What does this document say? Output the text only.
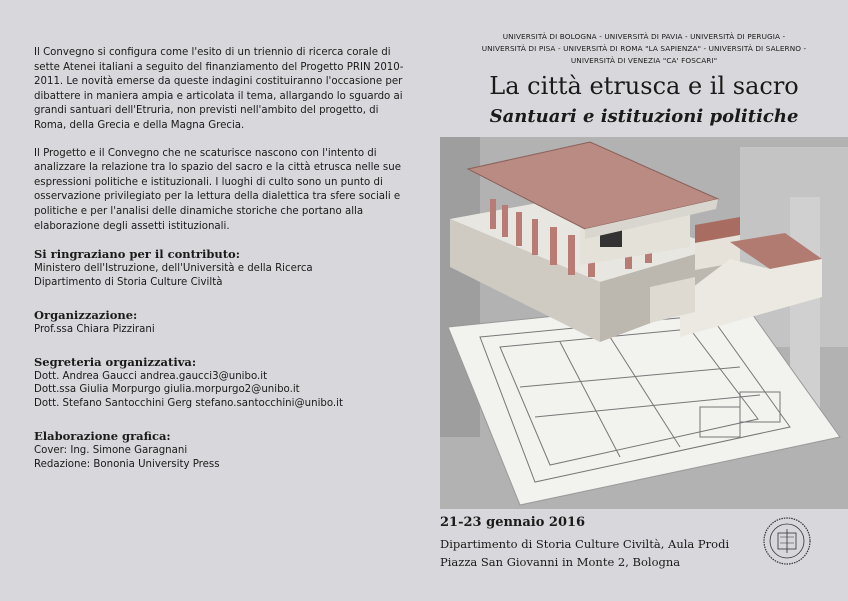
Il Convegno si configura come l'esito di un triennio di ricerca corale di sette Atenei italiani a seguito del finanziamento del Progetto PRIN 2010-2011. Le novità emerse da queste indagini costituiranno l'occasione per dibattere in maniera ampia e articolata il tema, allargando lo sguardo ai grandi santuari dell'Etruria, non previsti nell'ambito del progetto, di Roma, della Grecia e della Magna Grecia.

Il Progetto e il Convegno che ne scaturisce nascono con l'intento di analizzare la relazione tra lo spazio del sacro e la città etrusca nelle sue espressioni politiche e istituzionali. I luoghi di culto sono un punto di osservazione privilegiato per la lettura della dialettica tra sfere sociali e politiche e per l'analisi delle dinamiche storiche che portano alla elaborazione degli assetti istituzionali.

Si ringraziano per il contributo:
Ministero dell'Istruzione, dell'Università e della Ricerca
Dipartimento di Storia Culture Civiltà
Organizzazione:
Prof.ssa Chiara Pizzirani
Segreteria organizzativa:
Dott. Andrea Gaucci andrea.gaucci3@unibo.it
Dott.ssa Giulia Morpurgo giulia.morpurgo2@unibo.it
Dott. Stefano Santocchini Gerg stefano.santocchini@unibo.it
Elaborazione grafica:
Cover: Ing. Simone Garagnani
Redazione: Bononia University Press
UNIVERSITÀ DI BOLOGNA - UNIVERSITÀ DI PAVIA - UNIVERSITÀ DI PERUGIA -
UNIVERSITÀ DI PISA - UNIVERSITÀ DI ROMA "LA SAPIENZA" - UNIVERSITÀ DI SALERNO -
UNIVERSITÀ DI VENEZIA "CA' FOSCARI"
La città etrusca e il sacro
Santuari e istituzioni politiche
21-23 gennaio 2016
Dipartimento di Storia Culture Civiltà, Aula Prodi
Piazza San Giovanni in Monte 2, Bologna
